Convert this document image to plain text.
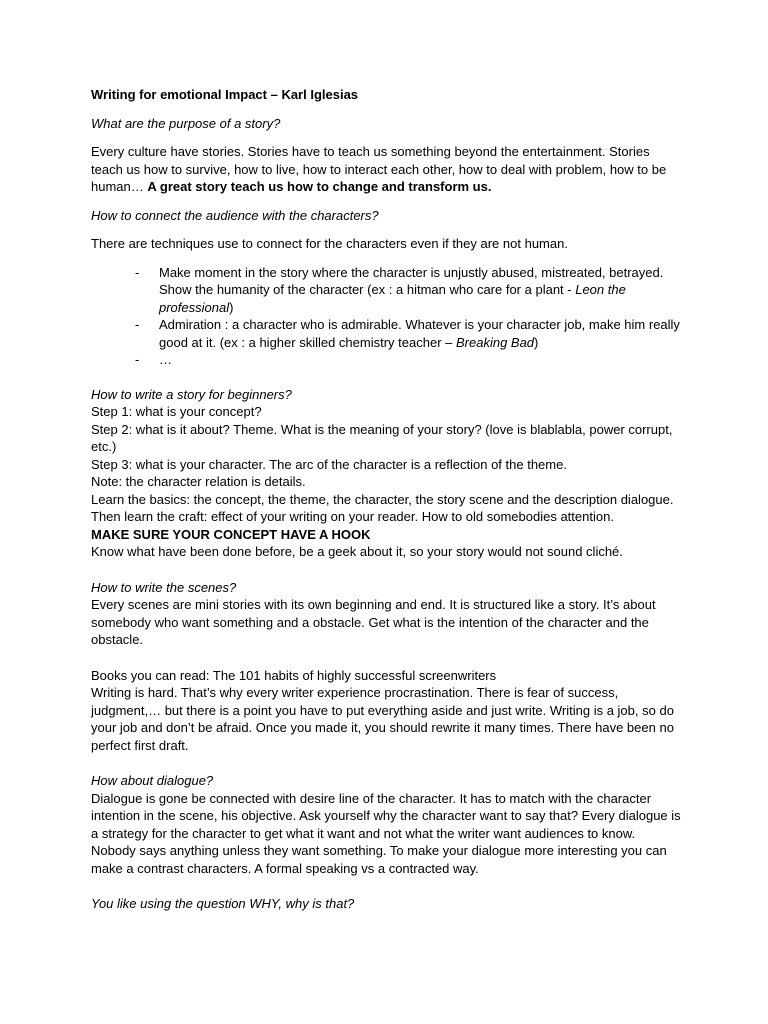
Writing for emotional Impact – Karl Iglesias

What are the purpose of a story?

Every culture have stories. Stories have to teach us something beyond the entertainment. Stories teach us how to survive, how to live, how to interact each other, how to deal with problem, how to be human… A great story teach us how to change and transform us.

How to connect the audience with the characters?

There are techniques use to connect for the characters even if they are not human.

- Make moment in the story where the character is unjustly abused, mistreated, betrayed. Show the humanity of the character (ex : a hitman who care for a plant - Leon the professional)
- Admiration : a character who is admirable. Whatever is your character job, make him really good at it. (ex : a higher skilled chemistry teacher – Breaking Bad)
- …

How to write a story for beginners?

Step 1: what is your concept?

Step 2: what is it about? Theme. What is the meaning of your story? (love is blablabla, power corrupt, etc.)

Step 3: what is your character. The arc of the character is a reflection of the theme.

Note: the character relation is details.

Learn the basics: the concept, the theme, the character, the story scene and the description dialogue.

Then learn the craft: effect of your writing on your reader. How to old somebodies attention.

MAKE SURE YOUR CONCEPT HAVE A HOOK

Know what have been done before, be a geek about it, so your story would not sound cliché.

How to write the scenes?

Every scenes are mini stories with its own beginning and end. It is structured like a story. It’s about somebody who want something and a obstacle. Get what is the intention of the character and the obstacle.

Books you can read: The 101 habits of highly successful screenwriters

Writing is hard. That’s why every writer experience procrastination. There is fear of success, judgment,… but there is a point you have to put everything aside and just write. Writing is a job, so do your job and don’t be afraid. Once you made it, you should rewrite it many times. There have been no perfect first draft.

How about dialogue?

Dialogue is gone be connected with desire line of the character. It has to match with the character intention in the scene, his objective. Ask yourself why the character want to say that? Every dialogue is a strategy for the character to get what it want and not what the writer want audiences to know. Nobody says anything unless they want something. To make your dialogue more interesting you can make a contrast characters. A formal speaking vs a contracted way.

You like using the question WHY, why is that?
